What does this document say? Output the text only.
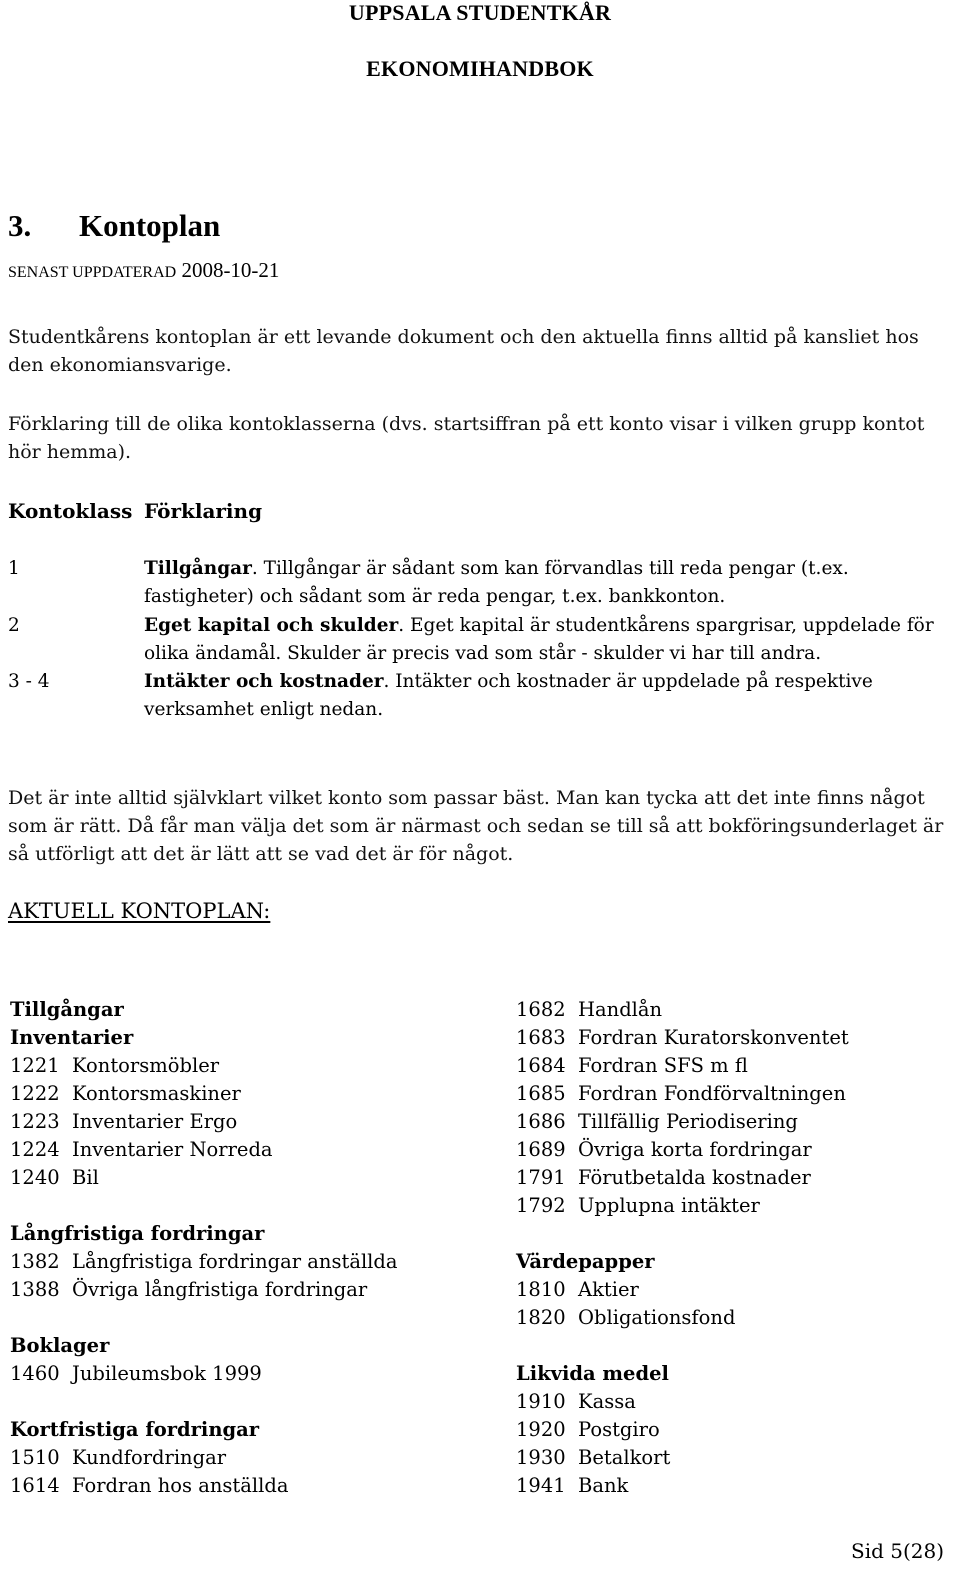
UPPSALA STUDENTKÅR
EKONOMIHANDBOK
3. Kontoplan
SENAST UPPDATERAD 2008-10-21
Studentkårens kontoplan är ett levande dokument och den aktuella finns alltid på kansliet hos den ekonomiansvarige.
Förklaring till de olika kontoklasserna (dvs. startsiffran på ett konto visar i vilken grupp kontot hör hemma).
Kontoklass Förklaring
1	Tillgångar. Tillgångar är sådant som kan förvandlas till reda pengar (t.ex. fastigheter) och sådant som är reda pengar, t.ex. bankkonton.
2	Eget kapital och skulder. Eget kapital är studentkårens spargrisar, uppdelade för olika ändamål. Skulder är precis vad som står - skulder vi har till andra.
3 - 4	Intäkter och kostnader. Intäkter och kostnader är uppdelade på respektive verksamhet enligt nedan.
Det är inte alltid självklart vilket konto som passar bäst. Man kan tycka att det inte finns något som är rätt. Då får man välja det som är närmast och sedan se till så att bokföringsunderlaget är så utförligt att det är lätt att se vad det är för något.
AKTUELL KONTOPLAN:
Tillgångar
Inventarier
1221 Kontorsmöbler
1222 Kontorsmaskiner
1223 Inventarier Ergo
1224 Inventarier Norreda
1240 Bil
Långfristiga fordringar
1382 Långfristiga fordringar anställda
1388 Övriga långfristiga fordringar
Boklager
1460 Jubileumsbok 1999
Kortfristiga fordringar
1510 Kundfordringar
1614 Fordran hos anställda
1682 Handlån
1683 Fordran Kuratorskonventet
1684 Fordran SFS m fl
1685 Fordran Fondförvaltningen
1686 Tillfällig Periodisering
1689 Övriga korta fordringar
1791 Förutbetalda kostnader
1792 Upplupna intäkter
Värdepapper
1810 Aktier
1820 Obligationsfond
Likvida medel
1910 Kassa
1920 Postgiro
1930 Betalkort
1941 Bank
Sid 5(28)
